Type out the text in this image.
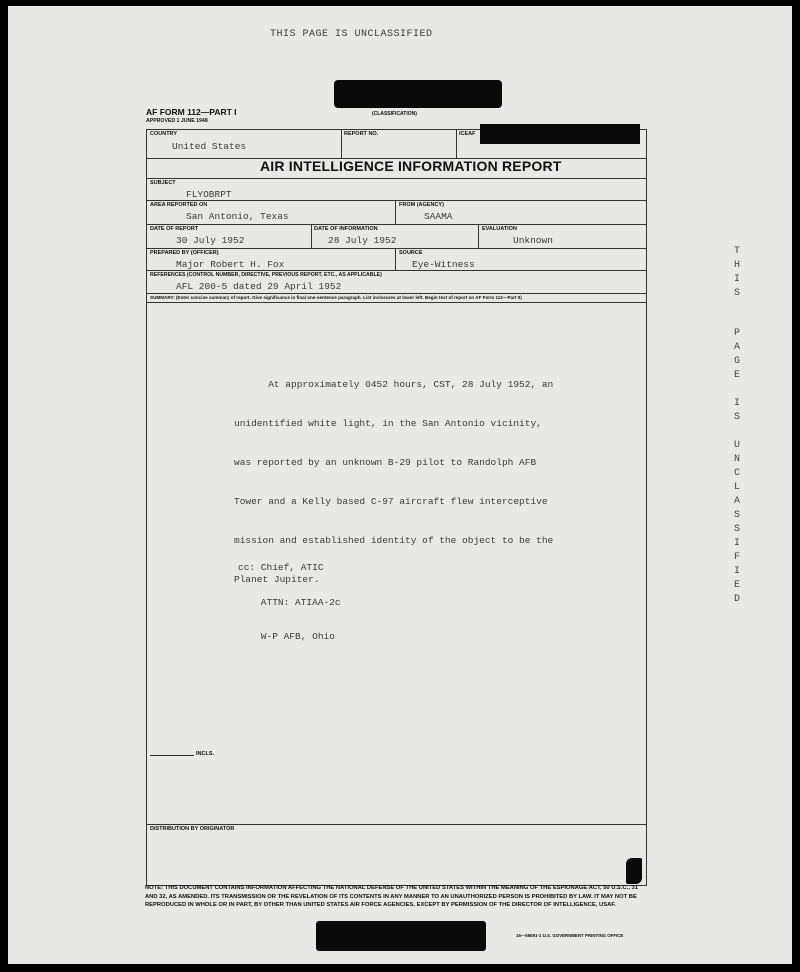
THIS PAGE IS UNCLASSIFIED
(CLASSIFICATION)
AF FORM 112—PART I
APPROVED 1 JUNE 1948
COUNTRY
United States
REPORT NO.	ICEAF
AIR INTELLIGENCE INFORMATION REPORT
SUBJECT
FLYOBRPT
AREA REPORTED ON
San Antonio, Texas
FROM (AGENCY)
SAAMA
DATE OF REPORT
30 July 1952
DATE OF INFORMATION
28 July 1952
EVALUATION
Unknown
PREPARED BY (OFFICER)
Major Robert H. Fox
SOURCE
Eye-Witness
REFERENCES (CONTROL NUMBER, DIRECTIVE, PREVIOUS REPORT, ETC., AS APPLICABLE)
AFL 200-5 dated 29 April 1952
SUMMARY: (Enter concise summary of report. Give significance in final one-sentence paragraph. List inclosures at lower left. Begin text of report on AF Form 112—Part II)

At approximately 0452 hours, CST, 28 July 1952, an

unidentified white light, in the San Antonio vicinity,

was reported by an unknown B-29 pilot to Randolph AFB

Tower and a Kelly based C-97 aircraft flew interceptive

mission and established identity of the object to be the

Planet Jupiter.

cc: Chief, ATIC

ATTN: ATIAA-2c

W-P AFB, Ohio

INCLS.
DISTRIBUTION BY ORIGINATOR
NOTE: THIS DOCUMENT CONTAINS INFORMATION AFFECTING THE NATIONAL DEFENSE OF THE UNITED STATES WITHIN THE MEANING OF THE ESPIONAGE ACT, 50 U.S.C., 31 AND 32, AS AMENDED. ITS TRANSMISSION OR THE REVELATION OF ITS CONTENTS IN ANY MANNER TO AN UNAUTHORIZED PERSON IS PROHIBITED BY LAW. IT MAY NOT BE REPRODUCED IN WHOLE OR IN PART, BY OTHER THAN UNITED STATES AIR FORCE AGENCIES, EXCEPT BY PERMISSION OF THE DIRECTOR OF INTELLIGENCE, USAF.
16—55691-1 U.S. GOVERNMENT PRINTING OFFICE
T
H
I
S
P
A
G
E
I
S
U
N
C
L
A
S
S
I
F
I
E
D
